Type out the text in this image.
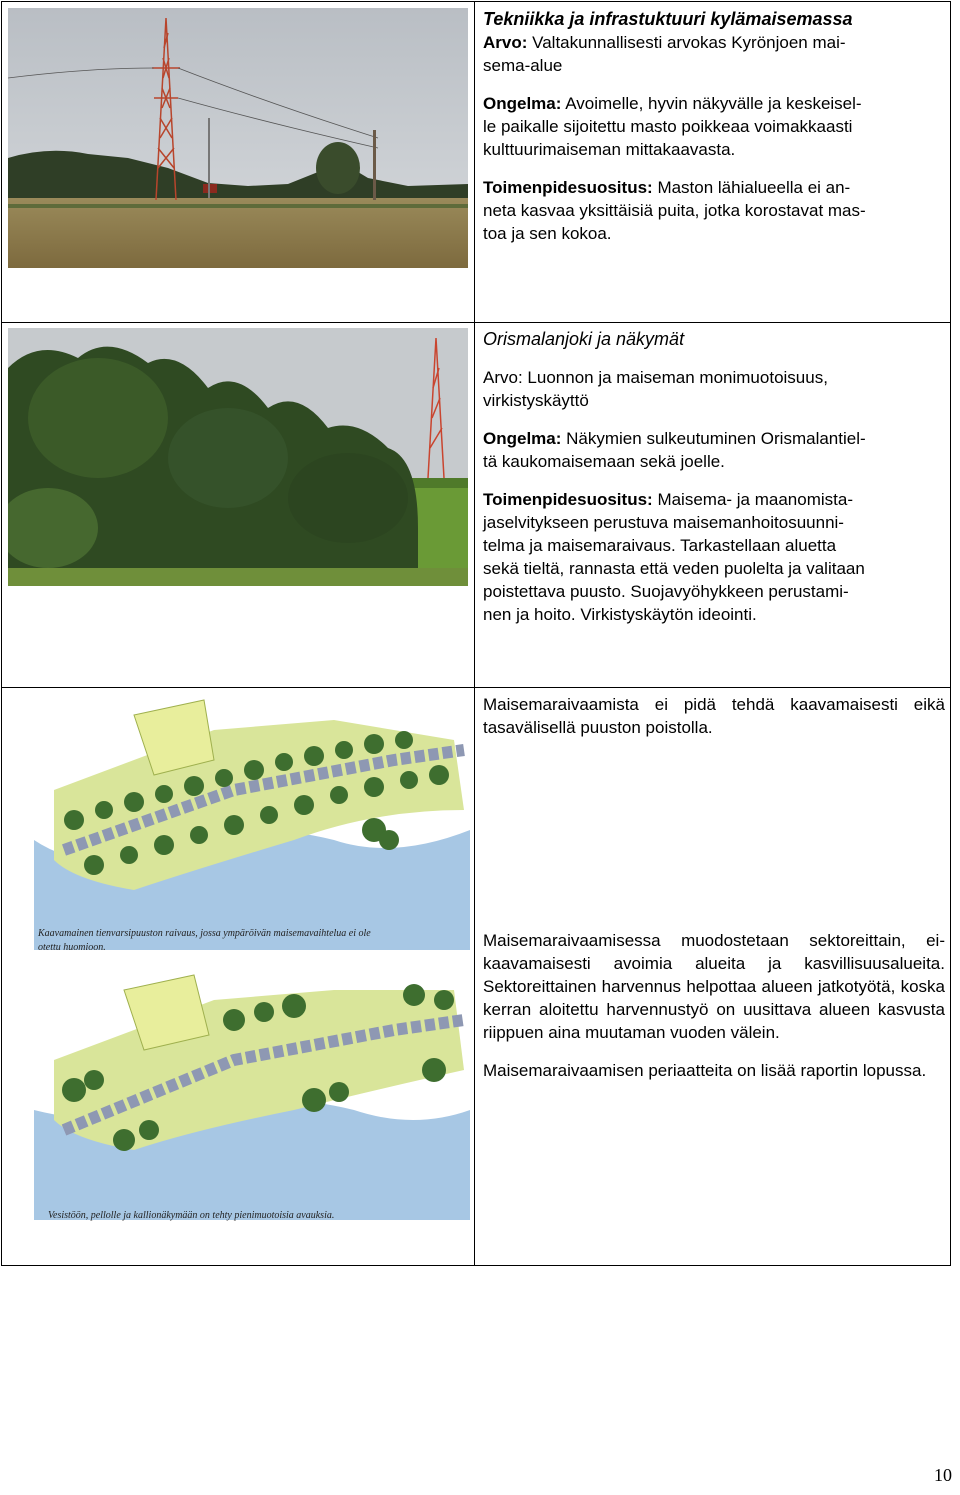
Tekniikka ja infrastuktuuri kylämaisemassa

Arvo: Valtakunnallisesti arvokas Kyrönjoen mai-
sema-alue

Ongelma: Avoimelle, hyvin näkyvälle ja keskeisel-
le paikalle sijoitettu masto poikkeaa voimakkaasti
kulttuurimaiseman mittakaavasta.

Toimenpidesuositus: Maston lähialueella ei an-
neta kasvaa yksittäisiä puita, jotka korostavat mas-
toa ja sen kokoa.

Orismalanjoki ja näkymät

Arvo: Luonnon ja maiseman monimuotoisuus,
virkistyskäyttö

Ongelma: Näkymien sulkeutuminen Orismalantiel-
tä kaukomaisemaan sekä joelle.

Toimenpidesuositus: Maisema- ja maanomista-
jaselvitykseen perustuva maisemanhoitosuunni-
telma ja maisemaraivaus. Tarkastellaan aluetta
sekä tieltä, rannasta että veden puolelta ja valitaan
poistettava puusto. Suojavyöhykkeen perustami-
nen ja hoito. Virkistyskäytön ideointi.

Kaavamainen tienvarsipuuston raivaus, jossa ympäröivän maisemavaihtelua ei ole
otettu huomioon.
Vesistöön, pellolle ja kallionäkymään on tehty pienimuotoisia avauksia.

Maisemaraivaamista ei pidä tehdä kaavamaisesti eikä tasavälisellä puuston poistolla.

Maisemaraivaamisessa muodostetaan sektoreittain, ei-kaavamaisesti avoimia alueita ja kasvillisuusalueita. Sektoreittainen harvennus helpottaa alueen jatkotyötä, koska kerran aloitettu harvennustyö on uusittava alueen kasvusta riippuen aina muutaman vuoden välein.

Maisemaraivaamisen periaatteita on lisää raportin lopussa.

10
